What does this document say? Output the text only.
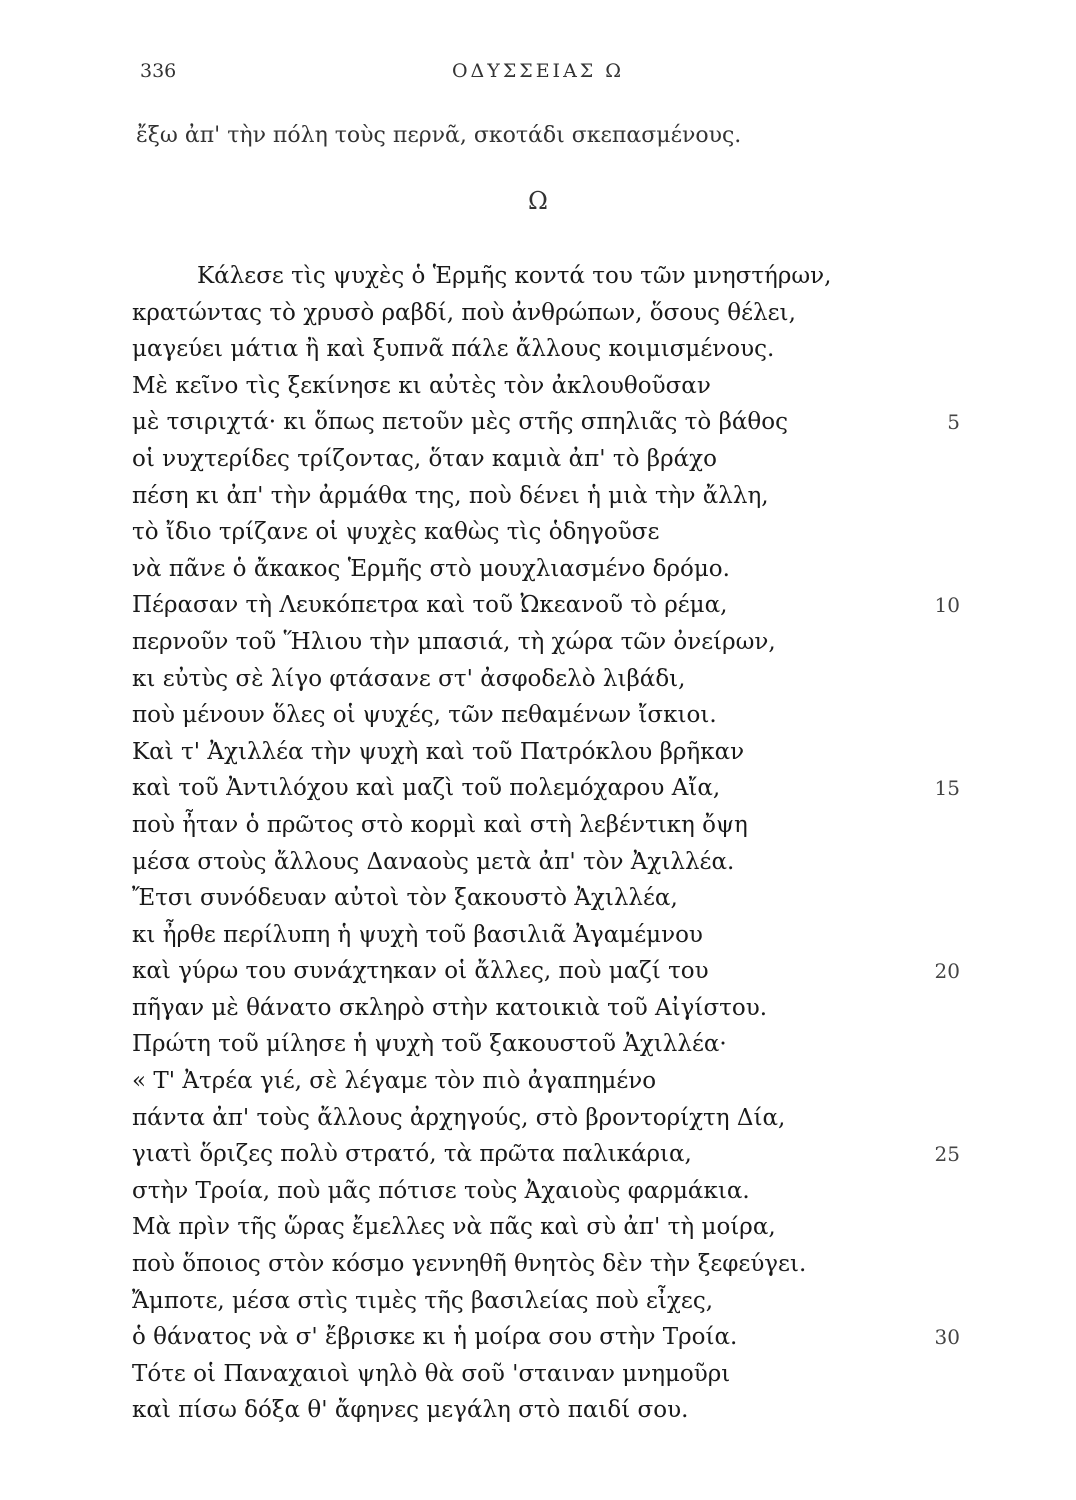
336	ΟΔΥΣΣΕΙΑΣ Ω
ἔξω ἀπ' τὴν πόλη τοὺς περνᾶ, σκοτάδι σκεπασμένους.
Ω
Κάλεσε τὶς ψυχὲς ὁ Ἑρμῆς κοντά του τῶν μνηστήρων,
κρατώντας τὸ χρυσὸ ραβδί, ποὺ ἀνθρώπων, ὅσους θέλει,
μαγεύει μάτια ἢ καὶ ξυπνᾶ πάλε ἄλλους κοιμισμένους.
Μὲ κεῖνο τὶς ξεκίνησε κι αὐτὲς τὸν ἀκλουθοῦσαν
μὲ τσιριχτά· κι ὅπως πετοῦν μὲς στῆς σπηλιᾶς τὸ βάθος	5
οἱ νυχτερίδες τρίζοντας, ὅταν καμιὰ ἀπ' τὸ βράχο
πέση κι ἀπ' τὴν ἀρμάθα της, ποὺ δένει ἡ μιὰ τὴν ἄλλη,
τὸ ἴδιο τρίζανε οἱ ψυχὲς καθὼς τὶς ὁδηγοῦσε
νὰ πᾶνε ὁ ἄκακος Ἑρμῆς στὸ μουχλιασμένο δρόμο.
Πέρασαν τὴ Λευκόπετρα καὶ τοῦ Ὠκεανοῦ τὸ ρέμα,	10
περνοῦν τοῦ Ἥλιου τὴν μπασιά, τὴ χώρα τῶν ὀνείρων,
κι εὐτὺς σὲ λίγο φτάσανε στ' ἀσφοδελὸ λιβάδι,
ποὺ μένουν ὅλες οἱ ψυχές, τῶν πεθαμένων ἴσκιοι.
Καὶ τ' Ἀχιλλέα τὴν ψυχὴ καὶ τοῦ Πατρόκλου βρῆκαν
καὶ τοῦ Ἀντιλόχου καὶ μαζὶ τοῦ πολεμόχαρου Αἴα,	15
ποὺ ἦταν ὁ πρῶτος στὸ κορμὶ καὶ στὴ λεβέντικη ὄψη
μέσα στοὺς ἄλλους Δαναοὺς μετὰ ἀπ' τὸν Ἀχιλλέα.
Ἔτσι συνόδευαν αὐτοὶ τὸν ξακουστὸ Ἀχιλλέα,
κι ἦρθε περίλυπη ἡ ψυχὴ τοῦ βασιλιᾶ Ἀγαμέμνου
καὶ γύρω του συνάχτηκαν οἱ ἄλλες, ποὺ μαζί του	20
πῆγαν μὲ θάνατο σκληρὸ στὴν κατοικιὰ τοῦ Αἰγίστου.
Πρώτη τοῦ μίλησε ἡ ψυχὴ τοῦ ξακουστοῦ Ἀχιλλέα·
« Τ' Ἀτρέα γιέ, σὲ λέγαμε τὸν πιὸ ἀγαπημένο
πάντα ἀπ' τοὺς ἄλλους ἀρχηγούς, στὸ βροντορίχτη Δία,
γιατὶ ὅριζες πολὺ στρατό, τὰ πρῶτα παλικάρια,	25
στὴν Τροία, ποὺ μᾶς πότισε τοὺς Ἀχαιοὺς φαρμάκια.
Μὰ πρὶν τῆς ὥρας ἔμελλες νὰ πᾶς καὶ σὺ ἀπ' τὴ μοίρα,
ποὺ ὅποιος στὸν κόσμο γεννηθῆ θνητὸς δὲν τὴν ξεφεύγει.
Ἄμποτε, μέσα στὶς τιμὲς τῆς βασιλείας ποὺ εἶχες,
ὁ θάνατος νὰ σ' ἔβρισκε κι ἡ μοίρα σου στὴν Τροία.	30
Τότε οἱ Παναχαιοὶ ψηλὸ θὰ σοῦ 'σταιναν μνημοῦρι
καὶ πίσω δόξα θ' ἄφηνες μεγάλη στὸ παιδί σου.
